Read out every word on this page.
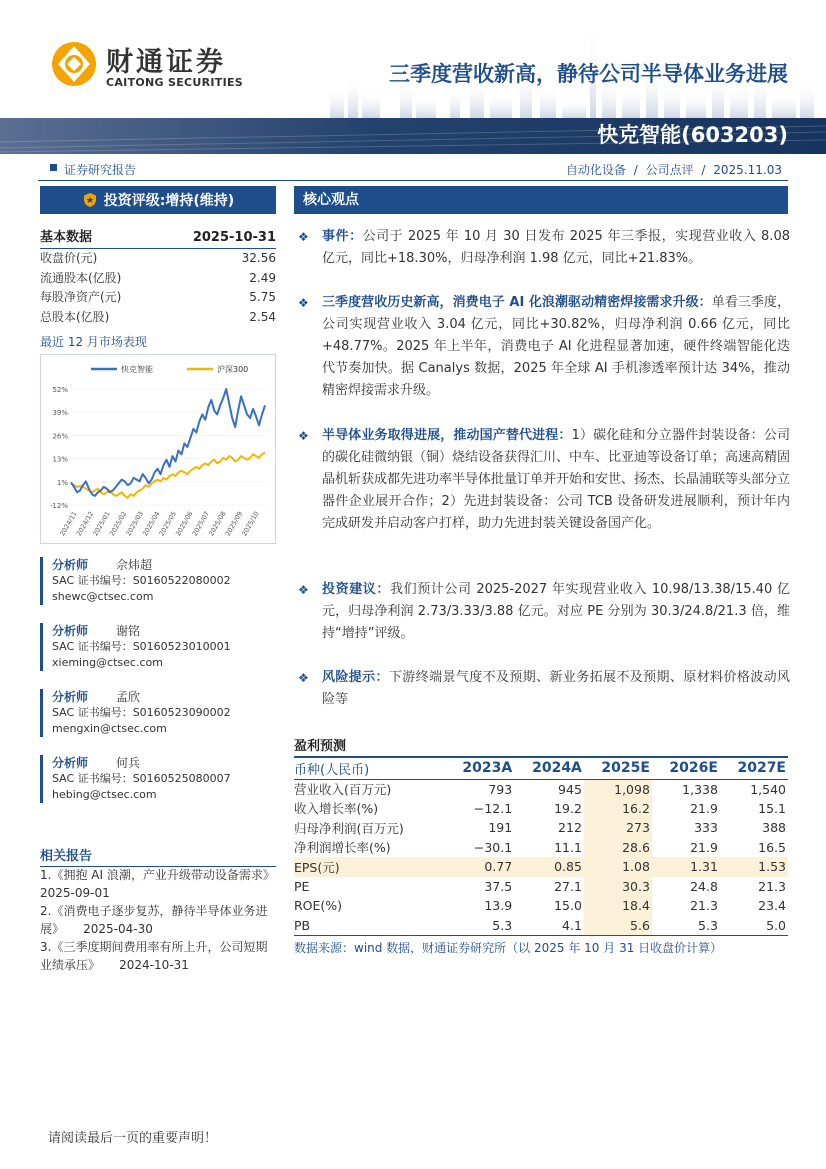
财通证券
CAITONG SECURITIES	三季度营收新高，静待公司半导体业务进展
快克智能(603203)
证券研究报告	自动化设备 / 公司点评 / 2025.11.03
投资评级:增持(维持)
基本数据	2025-10-31
收盘价(元)	32.56
流通股本(亿股)	2.49
每股净资产(元)	5.75
总股本(亿股)	2.54
最近 12 月市场表现
快克智能	沪深300
52%
39%
26%
13%
1%
-12%
2024/11
2024/12
2025/01
2025/02
2025/03
2025/04
2025/05
2025/06
2025/07
2025/08
2025/09
2025/10
分析师 佘炜超
SAC 证书编号：S0160522080002
shewc@ctsec.com
分析师 谢铭
SAC 证书编号：S0160523010001
xieming@ctsec.com
分析师 孟欣
SAC 证书编号：S0160523090002
mengxin@ctsec.com
分析师 何兵
SAC 证书编号：S0160525080007
hebing@ctsec.com
相关报告
1.《拥抱 AI 浪潮，产业升级带动设备需求》
2025-09-01
2.《消费电子逐步复苏，静待半导体业务进展》 2025-04-30
3.《三季度期间费用率有所上升，公司短期业绩承压》 2024-10-31
核心观点
❖ 事件：公司于 2025 年 10 月 30 日发布 2025 年三季报，实现营业收入 8.08 亿元，同比+18.30%，归母净利润 1.98 亿元，同比+21.83%。
❖ 三季度营收历史新高，消费电子 AI 化浪潮驱动精密焊接需求升级：单看三季度，公司实现营业收入 3.04 亿元，同比+30.82%，归母净利润 0.66 亿元，同比+48.77%。2025 年上半年，消费电子 AI 化进程显著加速，硬件终端智能化迭代节奏加快。据 Canalys 数据，2025 年全球 AI 手机渗透率预计达 34%，推动精密焊接需求升级。
❖ 半导体业务取得进展，推动国产替代进程：1）碳化硅和分立器件封装设备：公司的碳化硅微纳银（铜）烧结设备获得汇川、中车、比亚迪等设备订单；高速高精固晶机斩获成都先进功率半导体批量订单并开始和安世、扬杰、长晶浦联等头部分立器件企业展开合作；2）先进封装设备：公司 TCB 设备研发进展顺利，预计年内完成研发并启动客户打样，助力先进封装关键设备国产化。
❖ 投资建议：我们预计公司 2025-2027 年实现营业收入 10.98/13.38/15.40 亿元，归母净利润 2.73/3.33/3.88 亿元。对应 PE 分别为 30.3/24.8/21.3 倍，维持“增持”评级。
❖ 风险提示：下游终端景气度不及预期、新业务拓展不及预期、原材料价格波动风险等
盈利预测
币种(人民币)	2023A	2024A	2025E	2026E	2027E
营业收入(百万元)	793	945	1,098	1,338	1,540
收入增长率(%)	−12.1	19.2	16.2	21.9	15.1
归母净利润(百万元)	191	212	273	333	388
净利润增长率(%)	−30.1	11.1	28.6	21.9	16.5
EPS(元)	0.77	0.85	1.08	1.31	1.53
PE	37.5	27.1	30.3	24.8	21.3
ROE(%)	13.9	15.0	18.4	21.3	23.4
PB	5.3	4.1	5.6	5.3	5.0
数据来源：wind 数据，财通证券研究所（以 2025 年 10 月 31 日收盘价计算）
请阅读最后一页的重要声明！
